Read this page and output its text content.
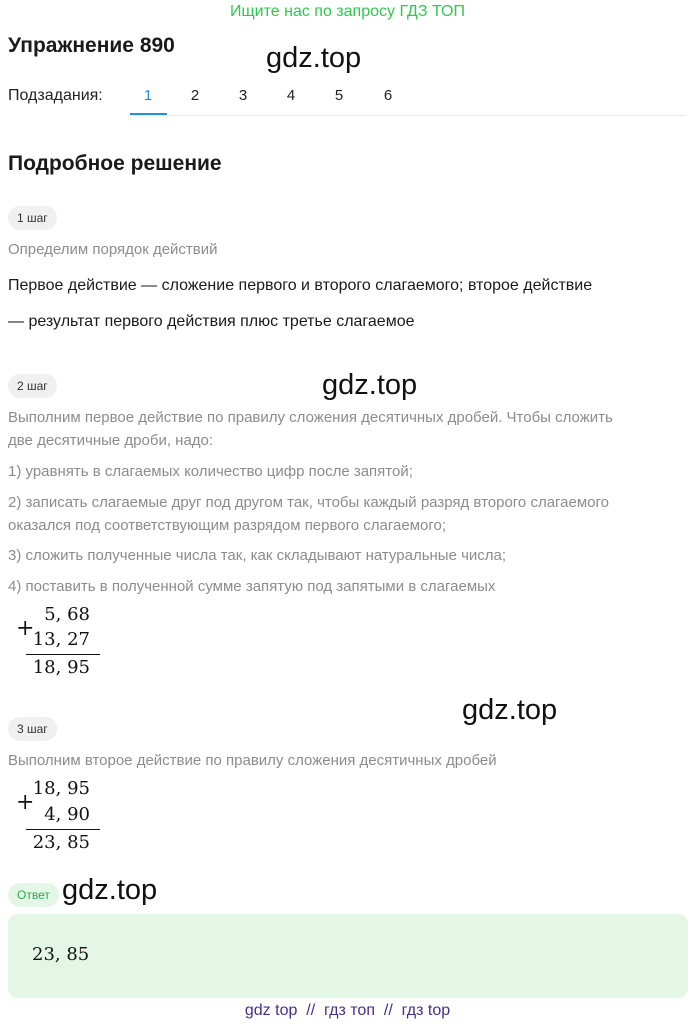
Ищите нас по запросу ГДЗ ТОП
Упражнение 890	gdz.top
Подзадания:	1	2	3	4	5	6
Подробное решение
1 шаг
Определим порядок действий
Первое действие — сложение первого и второго слагаемого; второе действие
— результат первого действия плюс третье слагаемое
2 шаг	gdz.top
Выполним первое действие по правилу сложения десятичных дробей. Чтобы сложить
две десятичные дроби, надо:
1) уравнять в слагаемых количество цифр после запятой;
2) записать слагаемые друг под другом так, чтобы каждый разряд второго слагаемого
оказался под соответствующим разрядом первого слагаемого;
3) сложить полученные числа так, как складывают натуральные числа;
4) поставить в полученной сумме запятую под запятыми в слагаемых
+
5, 68
13, 27
18, 95
3 шаг
gdz.top
Выполним второе действие по правилу сложения десятичных дробей
+
18, 95
4, 90
23, 85
Ответ gdz.top
23, 85
gdz top  //  гдз топ  //  гдз top
